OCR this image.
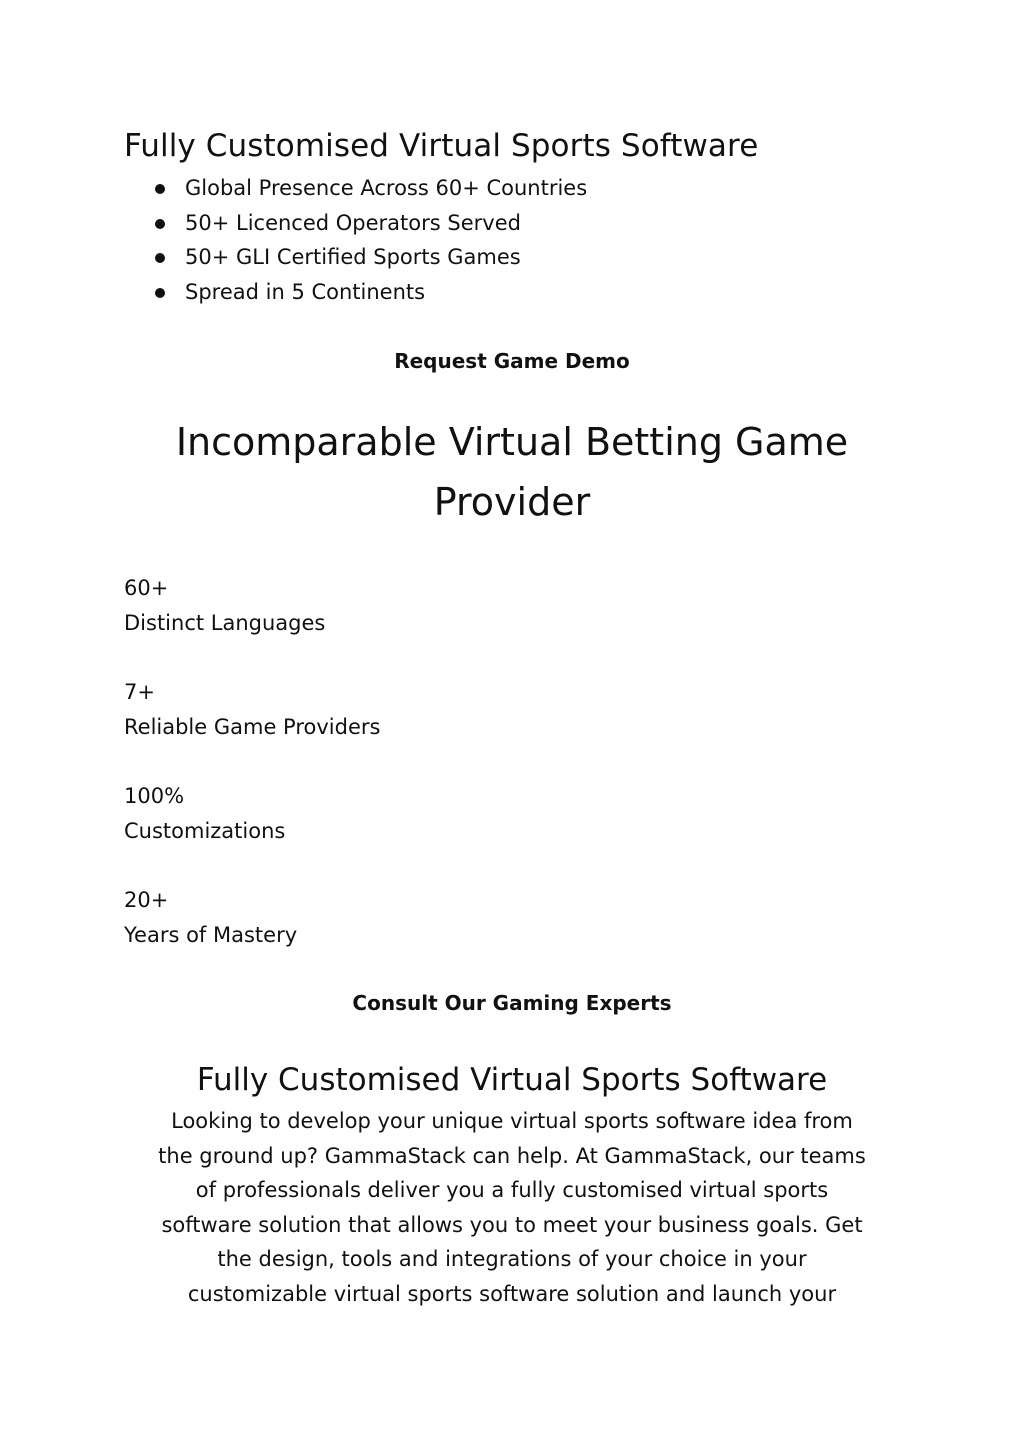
Fully Customised Virtual Sports Software
Global Presence Across 60+ Countries
50+ Licenced Operators Served
50+ GLI Certified Sports Games
Spread in 5 Continents
Request Game Demo
Incomparable Virtual Betting Game Provider
60+
Distinct Languages
7+
Reliable Game Providers
100%
Customizations
20+
Years of Mastery
Consult Our Gaming Experts
Fully Customised Virtual Sports Software
Looking to develop your unique virtual sports software idea from
the ground up? GammaStack can help. At GammaStack, our teams
of professionals deliver you a fully customised virtual sports
software solution that allows you to meet your business goals. Get
the design, tools and integrations of your choice in your
customizable virtual sports software solution and launch your
